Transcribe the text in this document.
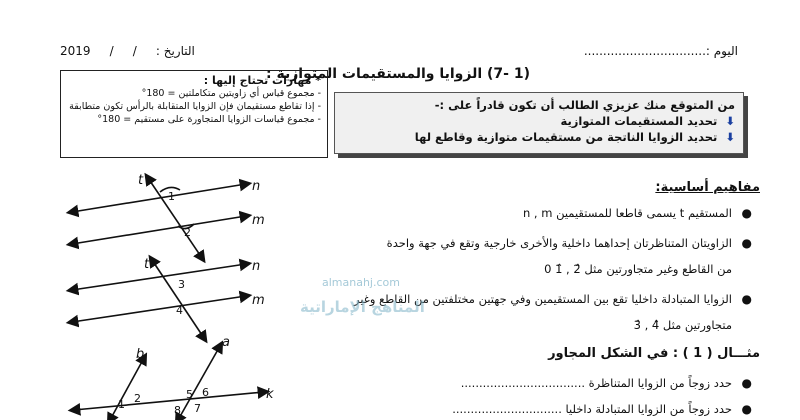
التاريخ :     /     /     2019	اليوم :................................
(1 -7) الزوايا والمستقيمات المتوازية :
* مهارات تحتاج إليها :
- مجموع قياس أي زاويتين متكاملتين = 180°
- إذا تقاطع مستقيمان فإن الزوايا المتقابلة بالرأس تكون متطابقة
- مجموع قياسات الزوايا المتجاورة على مستقيم = 180°
من المتوقع منك عزيزي الطالب أن تكون قادراً على :-
⬇ تحديد المستقيمات المتوازية
⬇ تحديد الزوايا الناتجة من مستقيمات متوازية وقاطع لها
مفاهيم أساسية:
●
المستقيم t يسمى قاطعا للمستقيمين n , m
●
الزاويتان المتناظرتان إحداهما داخلية والأخرى خارجية وتقع في جهة واحدة
من القاطع وغير متجاورتين مثل 2̂ , 1̂ 0
●
الزوايا المتبادلة داخليا تقع بين المستقيمين وفي جهتين مختلفتين من القاطع وغير
متجاورتين مثل 4̂ , 3̂
almanahj.com
المناهج الإماراتية
مثـــال ( 1 ) : في الشكل المجاور
●
حدد زوجاً من الزوايا المتناظرة ..................................
●
حدد زوجاً من الزوايا المتبادلة داخليا ..............................
t	n
m
1
2
t	n
m
3
4
b
a
k
1 2	5 6
8 7
